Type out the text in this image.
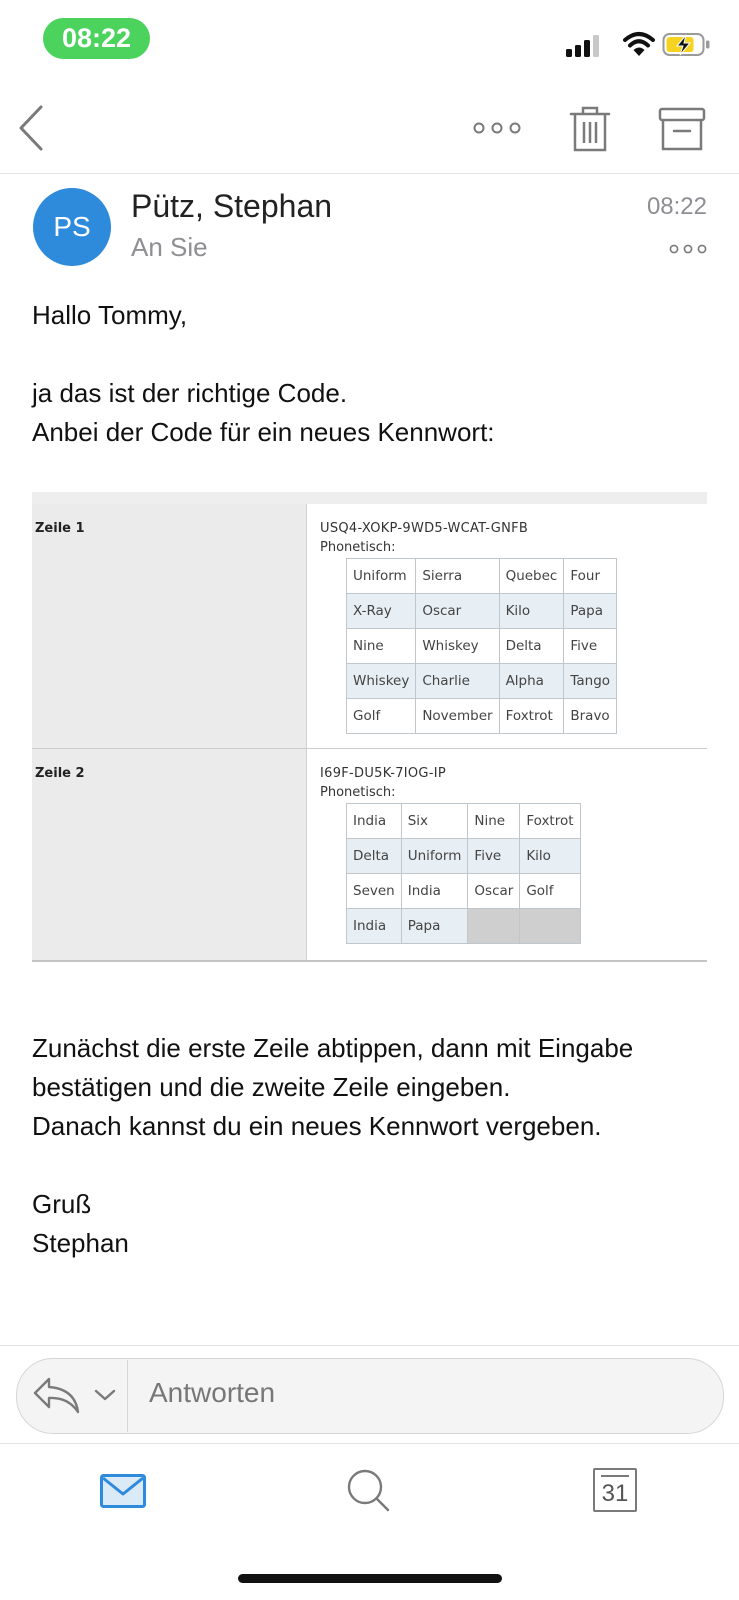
08:22
PS
Pütz, Stephan
An Sie
08:22
Hallo Tommy,
ja das ist der richtige Code.
Anbei der Code für ein neues Kennwort:
Zeile 1	USQ4-XOKP-9WD5-WCAT-GNFB
Phonetisch:
Uniform	Sierra	Quebec	Four
X-Ray	Oscar	Kilo	Papa
Nine	Whiskey	Delta	Five
Whiskey	Charlie	Alpha	Tango
Golf	November	Foxtrot	Bravo
Zeile 2	I69F-DU5K-7IOG-IP
Phonetisch:
India	Six	Nine	Foxtrot
Delta	Uniform	Five	Kilo
Seven	India	Oscar	Golf
India	Papa		
Zunächst die erste Zeile abtippen, dann mit Eingabe
bestätigen und die zweite Zeile eingeben.
Danach kannst du ein neues Kennwort vergeben.
Gruß
Stephan
Antworten
31
